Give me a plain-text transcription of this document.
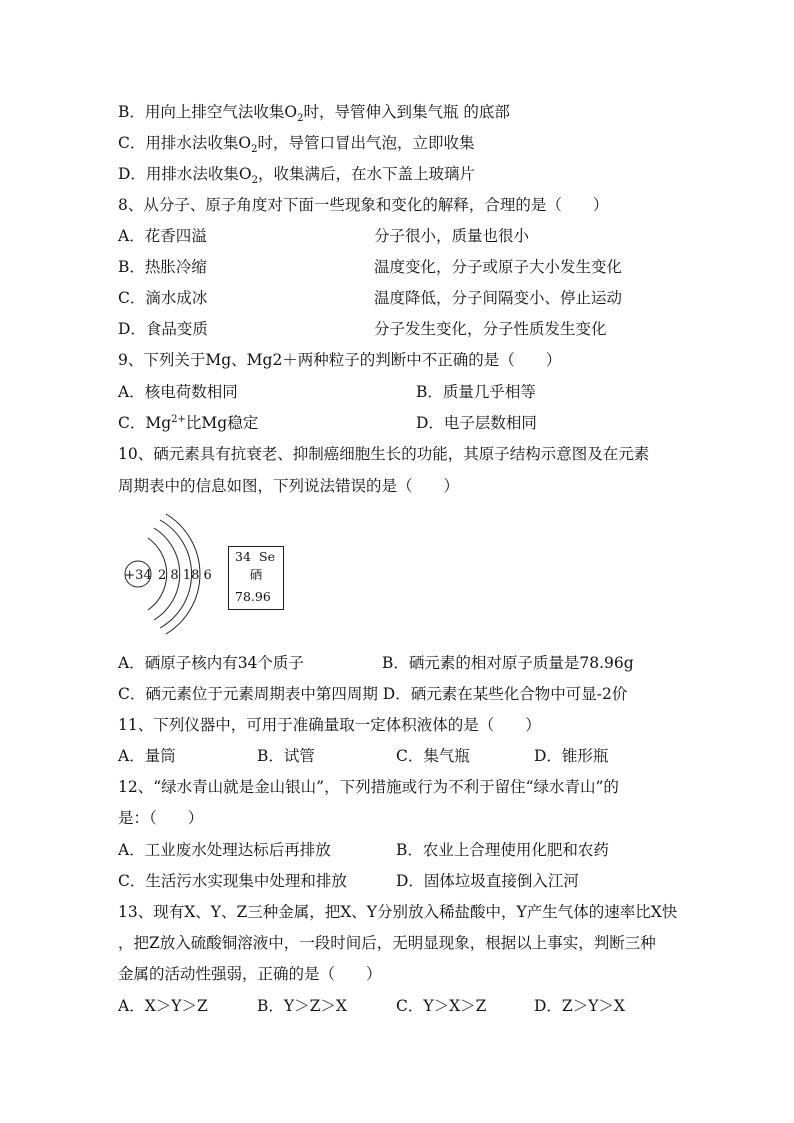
+34 2 8 18 6
34 Se
硒
78.96
B．用向上排空气法收集$O_2$时，导管伸入到集气瓶 的底部
C．用排水法收集$O_2$时，导管口冒出气泡，立即收集
D．用排水法收集$O_2$，收集满后，在水下盖上玻璃片
8、从分子、原子角度对下面一些现象和变化的解释，合理的是（　　）
A．花香四溢	分子很小，质量也很小
B．热胀冷缩	温度变化，分子或原子大小发生变化
C．滴水成冰	温度降低，分子间隔变小、停止运动
D．食品变质	分子发生变化，分子性质发生变化
9、下列关于Mg、Mg2＋两种粒子的判断中不正确的是（　　）
A．核电荷数相同	B．质量几乎相等
C．$Mg^{2+}$比Mg稳定	D．电子层数相同
10、硒元素具有抗衰老、抑制癌细胞生长的功能，其原子结构示意图及在元素
周期表中的信息如图，下列说法错误的是（　　）
A．硒原子核内有34个质子	B．硒元素的相对原子质量是78.96g
C．硒元素位于元素周期表中第四周期 D．硒元素在某些化合物中可显-2价
11、下列仪器中，可用于准确量取一定体积液体的是（　　）
A．量筒	B．试管	C．集气瓶	D．锥形瓶
12、“绿水青山就是金山银山”，下列措施或行为不利于留住“绿水青山”的
是：（　　）
A．工业废水处理达标后再排放	B．农业上合理使用化肥和农药
C．生活污水实现集中处理和排放	D．固体垃圾直接倒入江河
13、现有X、Y、Z三种金属，把X、Y分别放入稀盐酸中，Y产生气体的速率比X快
，把Z放入硫酸铜溶液中，一段时间后，无明显现象，根据以上事实，判断三种
金属的活动性强弱，正确的是（　　）
A．X＞Y＞Z	B．Y＞Z＞X	C．Y＞X＞Z	D．Z＞Y＞X
